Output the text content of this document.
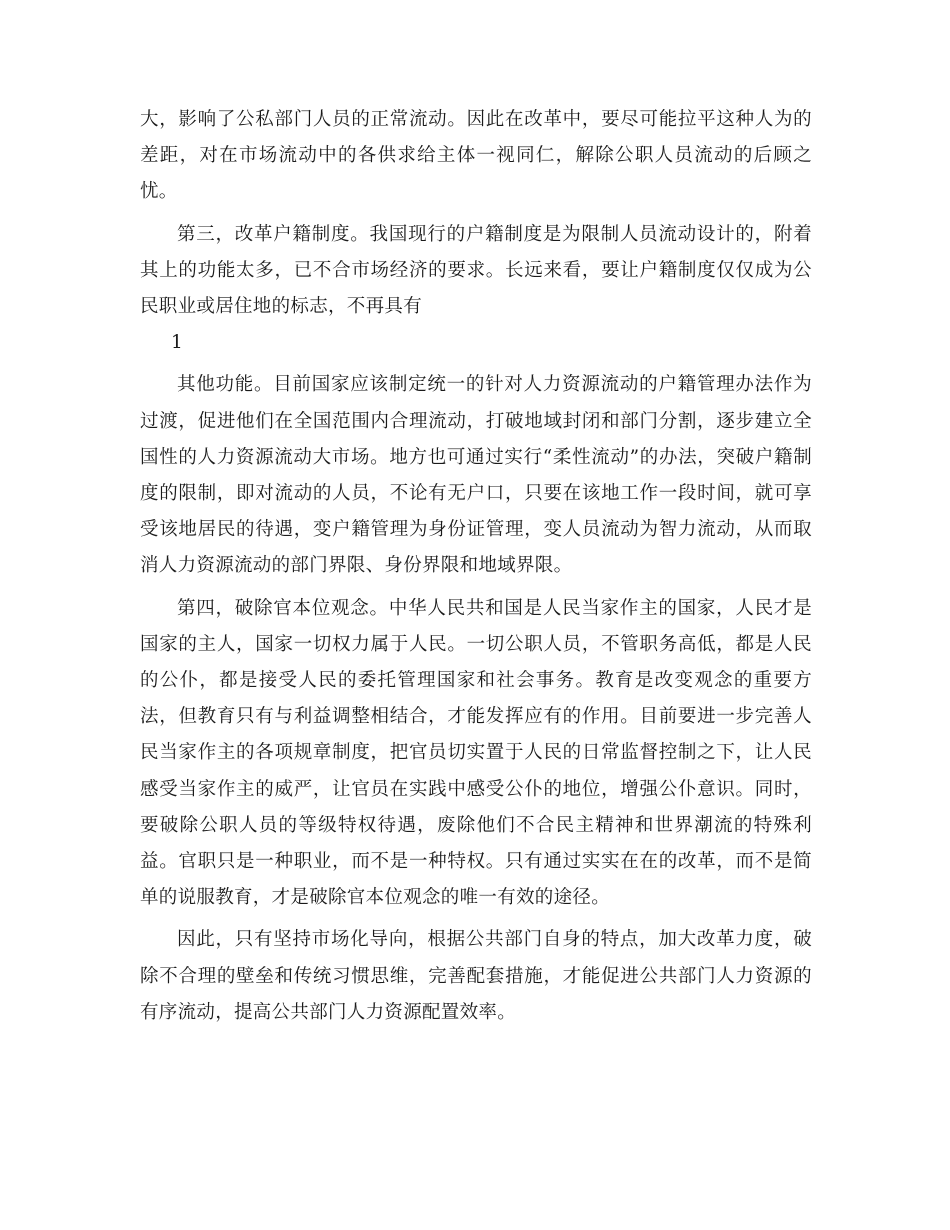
大，影响了公私部门人员的正常流动。因此在改革中，要尽可能拉平这种人为的差距，对在市场流动中的各供求给主体一视同仁，解除公职人员流动的后顾之忧。

第三，改革户籍制度。我国现行的户籍制度是为限制人员流动设计的，附着其上的功能太多，已不合市场经济的要求。长远来看，要让户籍制度仅仅成为公民职业或居住地的标志，不再具有

1

其他功能。目前国家应该制定统一的针对人力资源流动的户籍管理办法作为过渡，促进他们在全国范围内合理流动，打破地域封闭和部门分割，逐步建立全国性的人力资源流动大市场。地方也可通过实行“柔性流动”的办法，突破户籍制度的限制，即对流动的人员，不论有无户口，只要在该地工作一段时间，就可享受该地居民的待遇，变户籍管理为身份证管理，变人员流动为智力流动，从而取消人力资源流动的部门界限、身份界限和地域界限。

第四，破除官本位观念。中华人民共和国是人民当家作主的国家，人民才是国家的主人，国家一切权力属于人民。一切公职人员，不管职务高低，都是人民的公仆，都是接受人民的委托管理国家和社会事务。教育是改变观念的重要方法，但教育只有与利益调整相结合，才能发挥应有的作用。目前要进一步完善人民当家作主的各项规章制度，把官员切实置于人民的日常监督控制之下，让人民感受当家作主的威严，让官员在实践中感受公仆的地位，增强公仆意识。同时，要破除公职人员的等级特权待遇，废除他们不合民主精神和世界潮流的特殊利益。官职只是一种职业，而不是一种特权。只有通过实实在在的改革，而不是简单的说服教育，才是破除官本位观念的唯一有效的途径。

因此，只有坚持市场化导向，根据公共部门自身的特点，加大改革力度，破除不合理的壁垒和传统习惯思维，完善配套措施，才能促进公共部门人力资源的有序流动，提高公共部门人力资源配置效率。
